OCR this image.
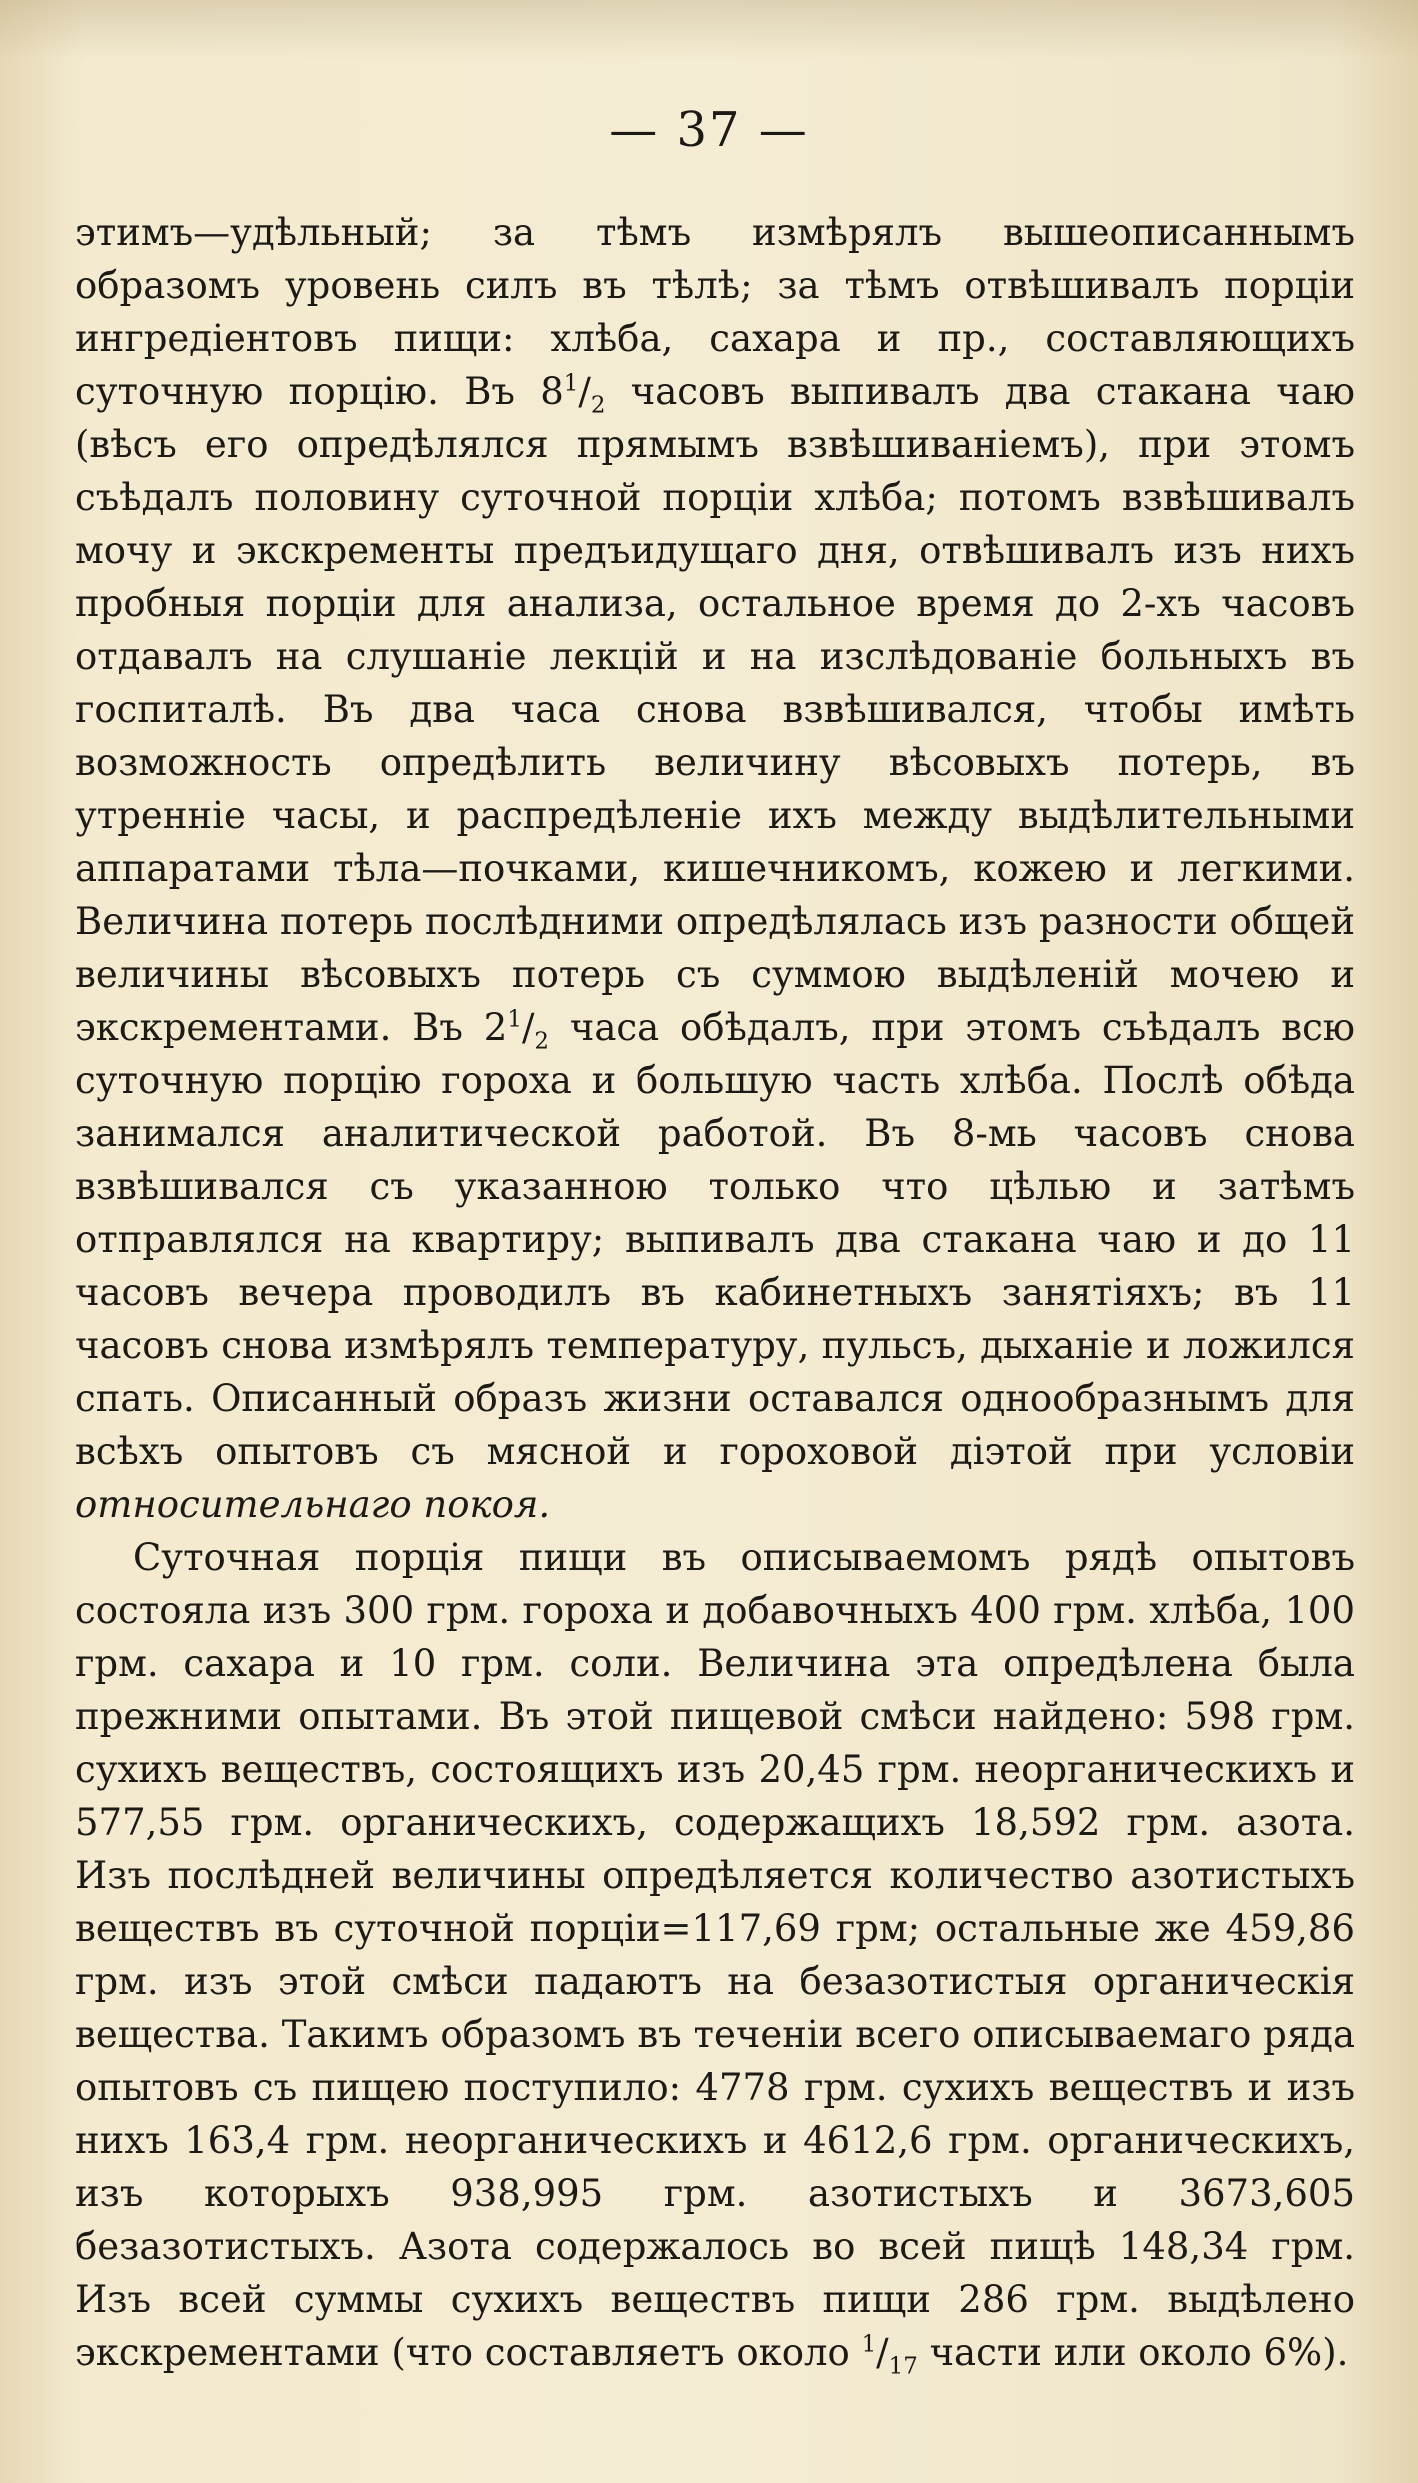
— 37 —

этимъ—удѣльный; за тѣмъ измѣрялъ вышеописаннымъ образомъ уровень силъ въ тѣлѣ; за тѣмъ отвѣшивалъ порціи ингредіентовъ пищи: хлѣба, сахара и пр., составляющихъ суточную порцію. Въ $8^1/_2$ часовъ выпивалъ два стакана чаю (вѣсъ его опредѣлялся прямымъ взвѣшиваніемъ), при этомъ съѣдалъ половину суточной порціи хлѣба; потомъ взвѣшивалъ мочу и экскременты предъидущаго дня, отвѣшивалъ изъ нихъ пробныя порціи для анализа, остальное время до 2-хъ часовъ отдавалъ на слушаніе лекцій и на изслѣдованіе больныхъ въ госпиталѣ. Въ два часа снова взвѣшивался, чтобы имѣть возможность опредѣлить величину вѣсовыхъ потерь, въ утренніе часы, и распредѣленіе ихъ между выдѣлительными аппаратами тѣла—почками, кишечникомъ, кожею и легкими. Величина потерь послѣдними опредѣлялась изъ разности общей величины вѣсовыхъ потерь съ суммою выдѣленій мочею и экскрементами. Въ $2^1/_2$ часа обѣдалъ, при этомъ съѣдалъ всю суточную порцію гороха и большую часть хлѣба. Послѣ обѣда занимался аналитической работой. Въ 8-мь часовъ снова взвѣшивался съ указанною только что цѣлью и затѣмъ отправлялся на квартиру; выпивалъ два стакана чаю и до 11 часовъ вечера проводилъ въ кабинетныхъ занятіяхъ; въ 11 часовъ снова измѣрялъ температуру, пульсъ, дыханіе и ложился спать. Описанный образъ жизни оставался однообразнымъ для всѣхъ опытовъ съ мясной и гороховой діэтой при условіи относительнаго покоя.

Суточная порція пищи въ описываемомъ рядѣ опытовъ состояла изъ 300 грм. гороха и добавочныхъ 400 грм. хлѣба, 100 грм. сахара и 10 грм. соли. Величина эта опредѣлена была прежними опытами. Въ этой пищевой смѣси найдено: 598 грм. сухихъ веществъ, состоящихъ изъ 20,45 грм. неорганическихъ и 577,55 грм. органическихъ, содержащихъ 18,592 грм. азота. Изъ послѣдней величины опредѣляется количество азотистыхъ веществъ въ суточной порціи=117,69 грм; остальные же 459,86 грм. изъ этой смѣси падаютъ на безазотистыя органическія вещества. Такимъ образомъ въ теченіи всего описываемаго ряда опытовъ съ пищею поступило: 4778 грм. сухихъ веществъ и изъ нихъ 163,4 грм. неорганическихъ и 4612,6 грм. органическихъ, изъ которыхъ 938,995 грм. азотистыхъ и 3673,605 безазотистыхъ. Азота содержалось во всей пищѣ 148,34 грм. Изъ всей суммы сухихъ веществъ пищи 286 грм. выдѣлено экскрементами (что составляетъ около $^1/_{17}$ части или около 6%).
